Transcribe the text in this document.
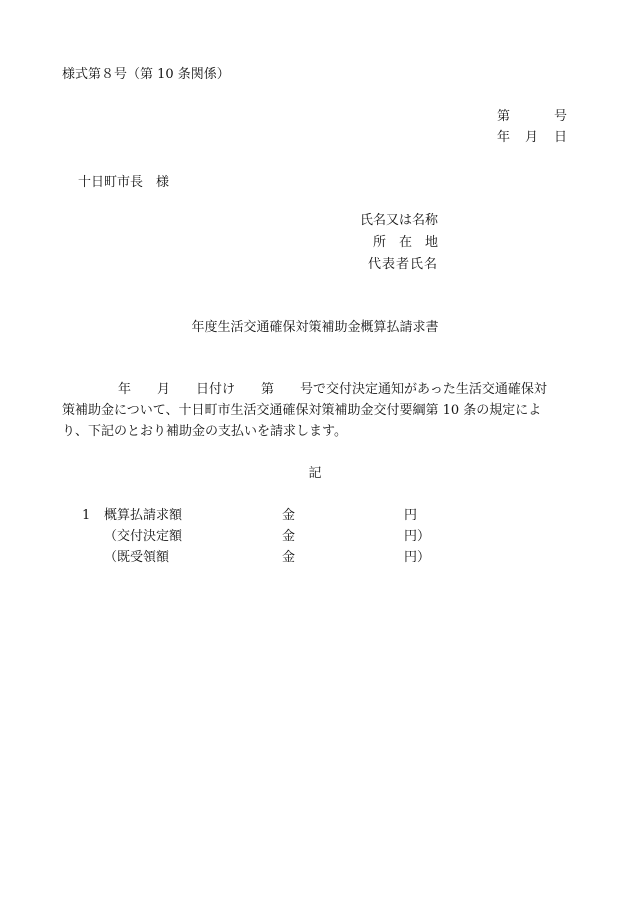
様式第８号（第 10 条関係）
第	号
年 月 日
十日町市長　様
氏名又は名称
所　在　地
代表者氏名
年度生活交通確保対策補助金概算払請求書
年　　月　　日付け　　第　　号で交付決定通知があった生活交通確保対
策補助金について、十日町市生活交通確保対策補助金交付要綱第 10 条の規定によ
り、下記のとおり補助金の支払いを請求します。
記
1 概算払請求額	金	円
（交付決定額	金	円）
（既受領額	金	円）
